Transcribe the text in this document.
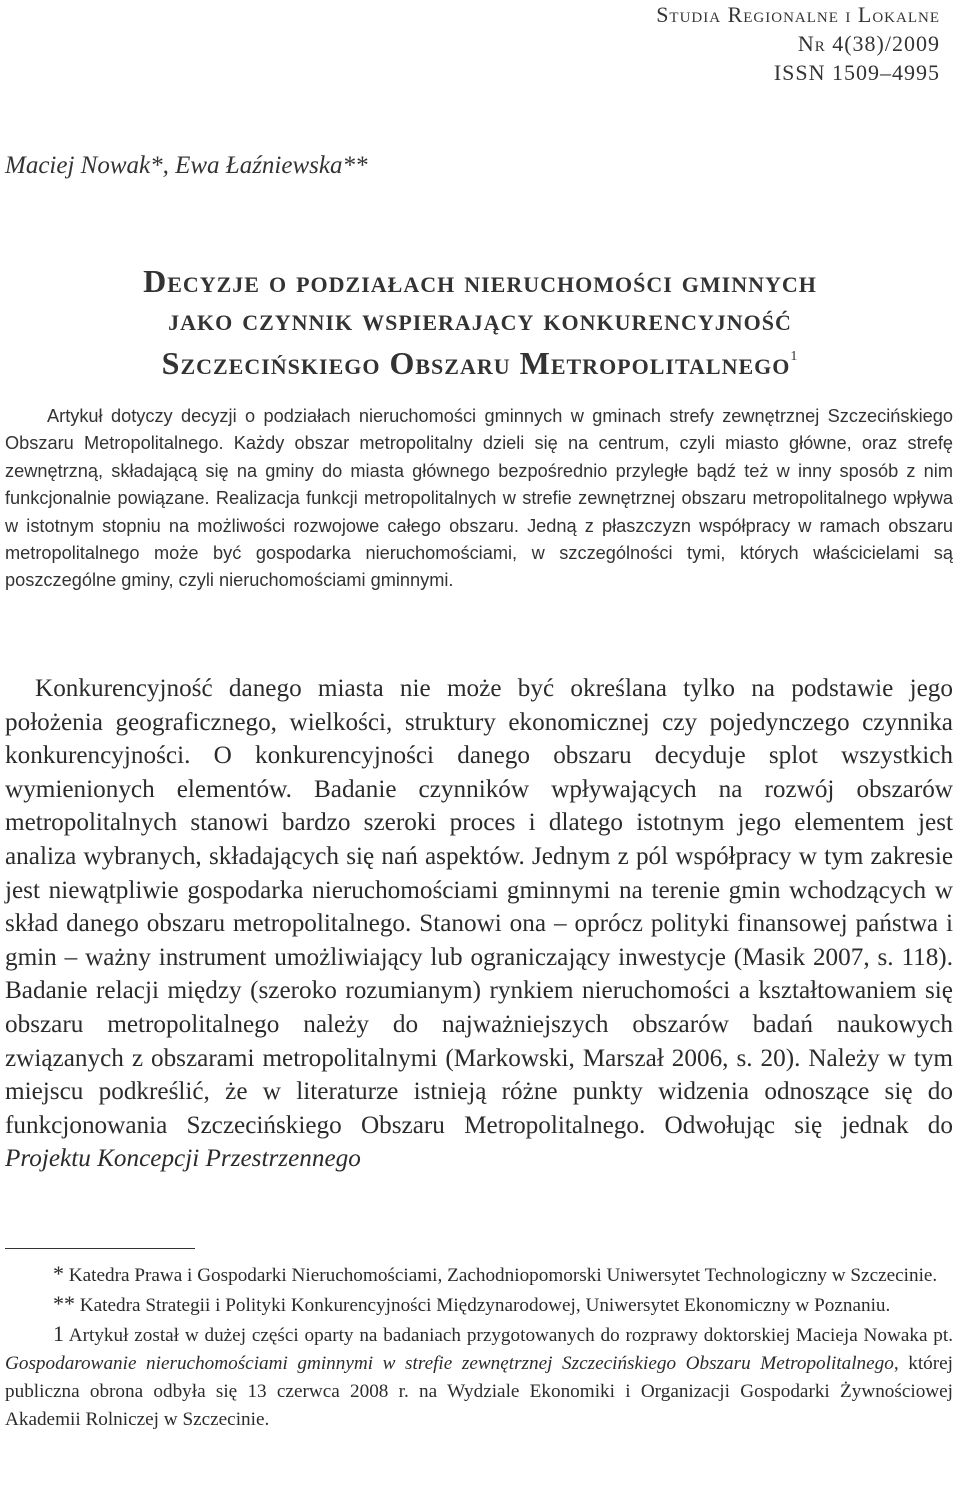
Studia Regionalne i Lokalne
Nr 4(38)/2009
ISSN 1509–4995
Maciej Nowak*, Ewa Łaźniewska**
Decyzje o podziałach nieruchomości gminnych
jako czynnik wspierający konkurencyjność
Szczecińskiego Obszaru Metropolitalnego$^1$
Artykuł dotyczy decyzji o podziałach nieruchomości gminnych w gminach strefy zewnętrznej Szczecińskiego Obszaru Metropolitalnego. Każdy obszar metropolitalny dzieli się na centrum, czyli miasto główne, oraz strefę zewnętrzną, składającą się na gminy do miasta głównego bezpośrednio przyległe bądź też w inny sposób z nim funkcjonalnie powiązane. Realizacja funkcji metropolitalnych w strefie zewnętrznej obszaru metropolitalnego wpływa w istotnym stopniu na możliwości rozwojowe całego obszaru. Jedną z płaszczyzn współpracy w ramach obszaru metropolitalnego może być gospodarka nieruchomościami, w szczególności tymi, których właścicielami są poszczególne gminy, czyli nieruchomościami gminnymi.
Konkurencyjność danego miasta nie może być określana tylko na podstawie jego położenia geograficznego, wielkości, struktury ekonomicznej czy pojedynczego czynnika konkurencyjności. O konkurencyjności danego obszaru decyduje splot wszystkich wymienionych elementów. Badanie czynników wpływających na rozwój obszarów metropolitalnych stanowi bardzo szeroki proces i dlatego istotnym jego elementem jest analiza wybranych, składających się nań aspektów. Jednym z pól współpracy w tym zakresie jest niewątpliwie gospodarka nieruchomościami gminnymi na terenie gmin wchodzących w skład danego obszaru metropolitalnego. Stanowi ona – oprócz polityki finansowej państwa i gmin – ważny instrument umożliwiający lub ograniczający inwestycje (Masik 2007, s. 118). Badanie relacji między (szeroko rozumianym) rynkiem nieruchomości a kształtowaniem się obszaru metropolitalnego należy do najważniejszych obszarów badań naukowych związanych z obszarami metropolitalnymi (Markowski, Marszał 2006, s. 20). Należy w tym miejscu podkreślić, że w literaturze istnieją różne punkty widzenia odnoszące się do funkcjonowania Szczecińskiego Obszaru Metropolitalnego. Odwołując się jednak do Projektu Koncepcji Przestrzennego

* Katedra Prawa i Gospodarki Nieruchomościami, Zachodniopomorski Uniwersytet Technologiczny w Szczecinie.

** Katedra Strategii i Polityki Konkurencyjności Międzynarodowej, Uniwersytet Ekonomiczny w Poznaniu.

1 Artykuł został w dużej części oparty na badaniach przygotowanych do rozprawy doktorskiej Macieja Nowaka pt. Gospodarowanie nieruchomościami gminnymi w strefie zewnętrznej Szczecińskiego Obszaru Metropolitalnego, której publiczna obrona odbyła się 13 czerwca 2008 r. na Wydziale Ekonomiki i Organizacji Gospodarki Żywnościowej Akademii Rolniczej w Szczecinie.
